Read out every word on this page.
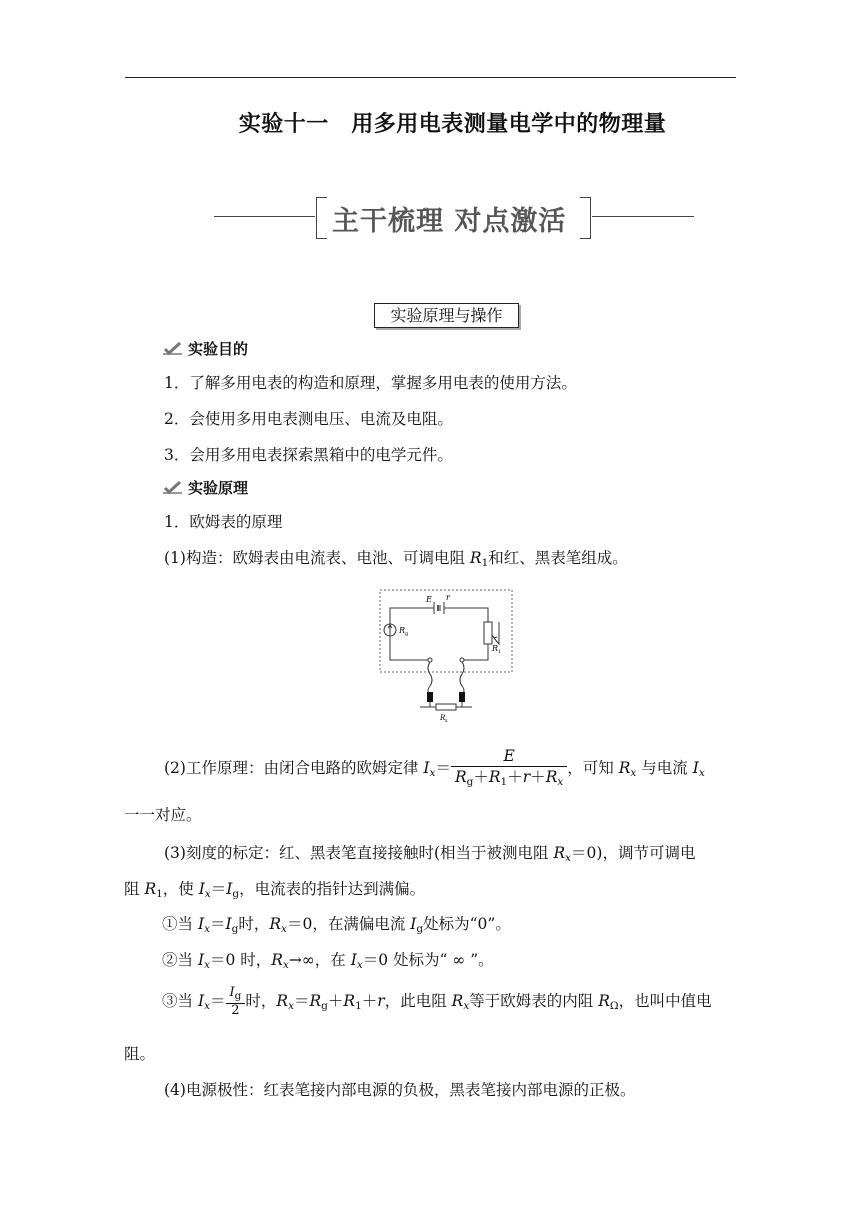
实验十一　用多用电表测量电学中的物理量
主干梳理 对点激活
实验原理与操作
实验目的
1．了解多用电表的构造和原理，掌握多用电表的使用方法。
2．会使用多用电表测电压、电流及电阻。
3．会用多用电表探索黑箱中的电学元件。
实验原理
1．欧姆表的原理
(1)构造：欧姆表由电流表、电池、可调电阻 $R_1$和红、黑表笔组成。
E r
R g
R 1
R x
(2)工作原理：由闭合电路的欧姆定律 $I_x= \frac{E}{R_g+R_1+r+R_x}$ ，可知 $R_x$ 与电流 $I_x$
一一对应。
(3)刻度的标定：红、黑表笔直接接触时(相当于被测电阻 $R_x=0$)，调节可调电
阻 $R_1$，使 $I_x=I_g$，电流表的指针达到满偏。
①当 $I_x=I_g$时，$R_x=0$，在满偏电流 $I_g$处标为“0”。
②当 $I_x=0$ 时，$R_x\to\infty$，在 $I_x=0$ 处标为“ ∞ ”。
③当 $I_x= \frac{I_g}{2}$ 时，$R_x=R_g+R_1+r$，此电阻 $R_x$等于欧姆表的内阻 $R_\Omega$，也叫中值电
阻。
(4)电源极性：红表笔接内部电源的负极，黑表笔接内部电源的正极。
